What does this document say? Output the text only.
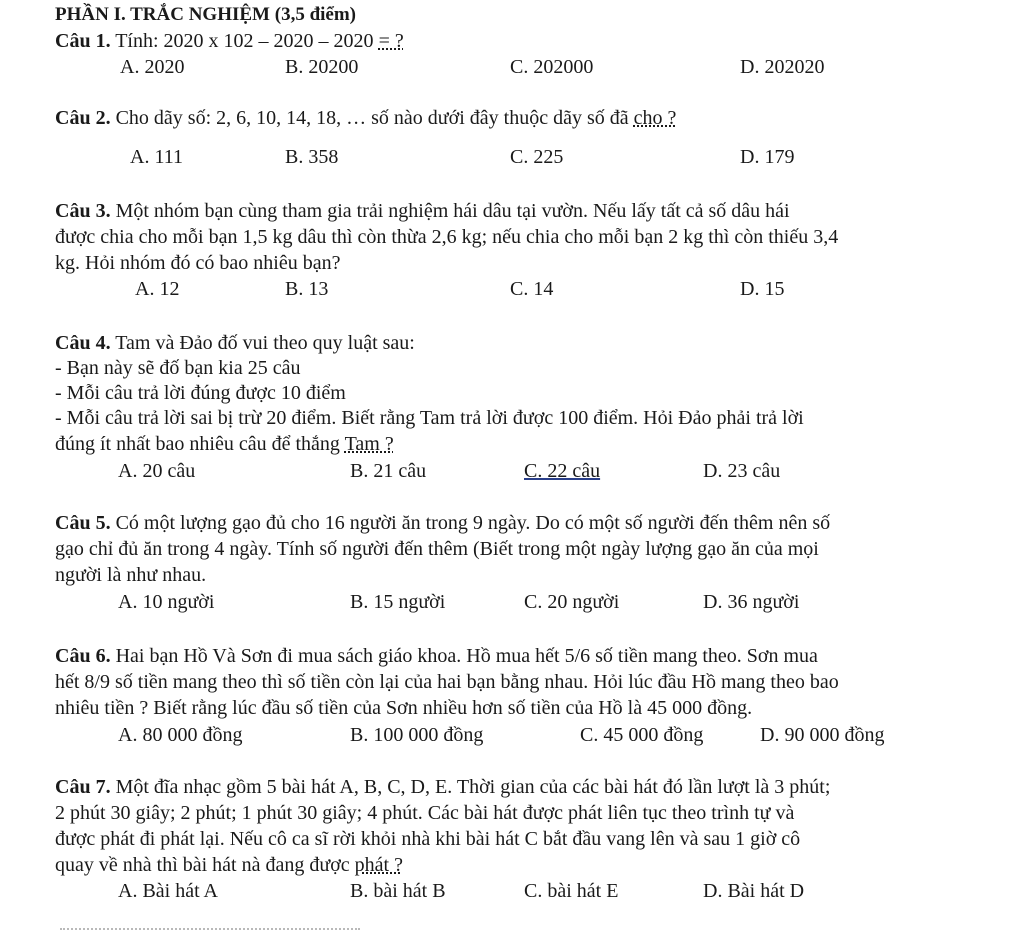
PHẦN I. TRẮC NGHIỆM (3,5 điểm)
Câu 1. Tính: 2020 x 102 – 2020 – 2020 = ?
A. 2020	B. 20200	C. 202000	D. 202020
Câu 2. Cho dãy số: 2, 6, 10, 14, 18, … số nào dưới đây thuộc dãy số đã cho ?
A. 111	B. 358	C. 225	D. 179
Câu 3. Một nhóm bạn cùng tham gia trải nghiệm hái dâu tại vườn. Nếu lấy tất cả số dâu hái
được chia cho mỗi bạn 1,5 kg dâu thì còn thừa 2,6 kg; nếu chia cho mỗi bạn 2 kg thì còn thiếu 3,4
kg. Hỏi nhóm đó có bao nhiêu bạn?
A. 12	B. 13	C. 14	D. 15
Câu 4. Tam và Đảo đố vui theo quy luật sau:
- Bạn này sẽ đố bạn kia 25 câu
- Mỗi câu trả lời đúng được 10 điểm
- Mỗi câu trả lời sai bị trừ 20 điểm. Biết rằng Tam trả lời được 100 điểm. Hỏi Đảo phải trả lời
đúng ít nhất bao nhiêu câu để thắng Tam ?
A. 20 câu	B. 21 câu	C. 22 câu	D. 23 câu
Câu 5. Có một lượng gạo đủ cho 16 người ăn trong 9 ngày. Do có một số người đến thêm nên số
gạo chỉ đủ ăn trong 4 ngày. Tính số người đến thêm (Biết trong một ngày lượng gạo ăn của mọi
người là như nhau.
A. 10 người	B. 15 người	C. 20 người	D. 36 người
Câu 6. Hai bạn Hồ Và Sơn đi mua sách giáo khoa. Hồ mua hết 5/6 số tiền mang theo. Sơn mua
hết 8/9 số tiền mang theo thì số tiền còn lại của hai bạn bằng nhau. Hỏi lúc đầu Hồ mang theo bao
nhiêu tiền ? Biết rằng lúc đầu số tiền của Sơn nhiều hơn số tiền của Hồ là 45 000 đồng.
A. 80 000 đồng	B. 100 000 đồng	C. 45 000 đồng	D. 90 000 đồng
Câu 7. Một đĩa nhạc gồm 5 bài hát A, B, C, D, E. Thời gian của các bài hát đó lần lượt là 3 phút;
2 phút 30 giây; 2 phút; 1 phút 30 giây; 4 phút. Các bài hát được phát liên tục theo trình tự và
được phát đi phát lại. Nếu cô ca sĩ rời khỏi nhà khi bài hát C bắt đầu vang lên và sau 1 giờ cô
quay về nhà thì bài hát nà đang được phát ?
A. Bài hát A	B. bài hát B	C. bài hát E	D. Bài hát D
